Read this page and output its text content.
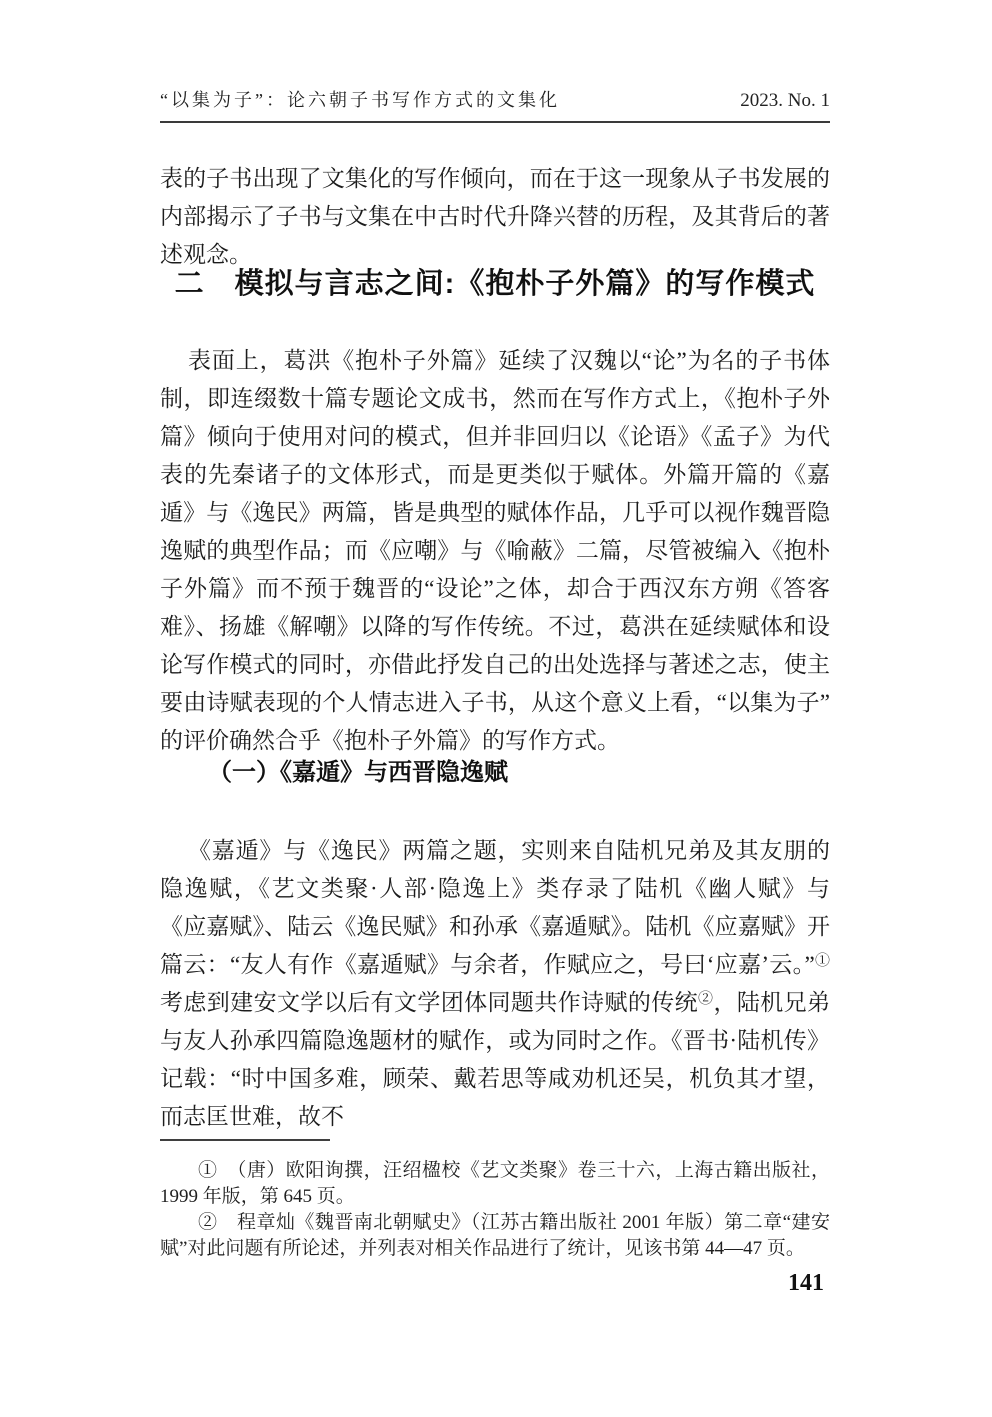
“以集为子”：论六朝子书写作方式的文集化	2023. No. 1

表的子书出现了文集化的写作倾向，而在于这一现象从子书发展的内部揭示了子书与文集在中古时代升降兴替的历程，及其背后的著述观念。

二　模拟与言志之间:《抱朴子外篇》的写作模式

表面上，葛洪《抱朴子外篇》延续了汉魏以“论”为名的子书体制，即连缀数十篇专题论文成书，然而在写作方式上，《抱朴子外篇》倾向于使用对问的模式，但并非回归以《论语》《孟子》为代表的先秦诸子的文体形式，而是更类似于赋体。外篇开篇的《嘉遁》与《逸民》两篇，皆是典型的赋体作品，几乎可以视作魏晋隐逸赋的典型作品；而《应嘲》与《喻蔽》二篇，尽管被编入《抱朴子外篇》而不预于魏晋的“设论”之体，却合于西汉东方朔《答客难》、扬雄《解嘲》以降的写作传统。不过，葛洪在延续赋体和设论写作模式的同时，亦借此抒发自己的出处选择与著述之志，使主要由诗赋表现的个人情志进入子书，从这个意义上看，“以集为子”的评价确然合乎《抱朴子外篇》的写作方式。

（一）《嘉遁》与西晋隐逸赋

《嘉遁》与《逸民》两篇之题，实则来自陆机兄弟及其友朋的隐逸赋，《艺文类聚·人部·隐逸上》类存录了陆机《幽人赋》与《应嘉赋》、陆云《逸民赋》和孙承《嘉遁赋》。陆机《应嘉赋》开篇云：“友人有作《嘉遁赋》与余者，作赋应之，号曰‘应嘉’云。”① 考虑到建安文学以后有文学团体同题共作诗赋的传统②，陆机兄弟与友人孙承四篇隐逸题材的赋作，或为同时之作。《晋书·陆机传》记载：“时中国多难，顾荣、戴若思等咸劝机还吴，机负其才望，而志匡世难，故不

①　（唐）欧阳询撰，汪绍楹校《艺文类聚》卷三十六，上海古籍出版社，1999 年版，第 645 页。

②　程章灿《魏晋南北朝赋史》（江苏古籍出版社 2001 年版）第二章“建安赋”对此问题有所论述，并列表对相关作品进行了统计，见该书第 44—47 页。

141
